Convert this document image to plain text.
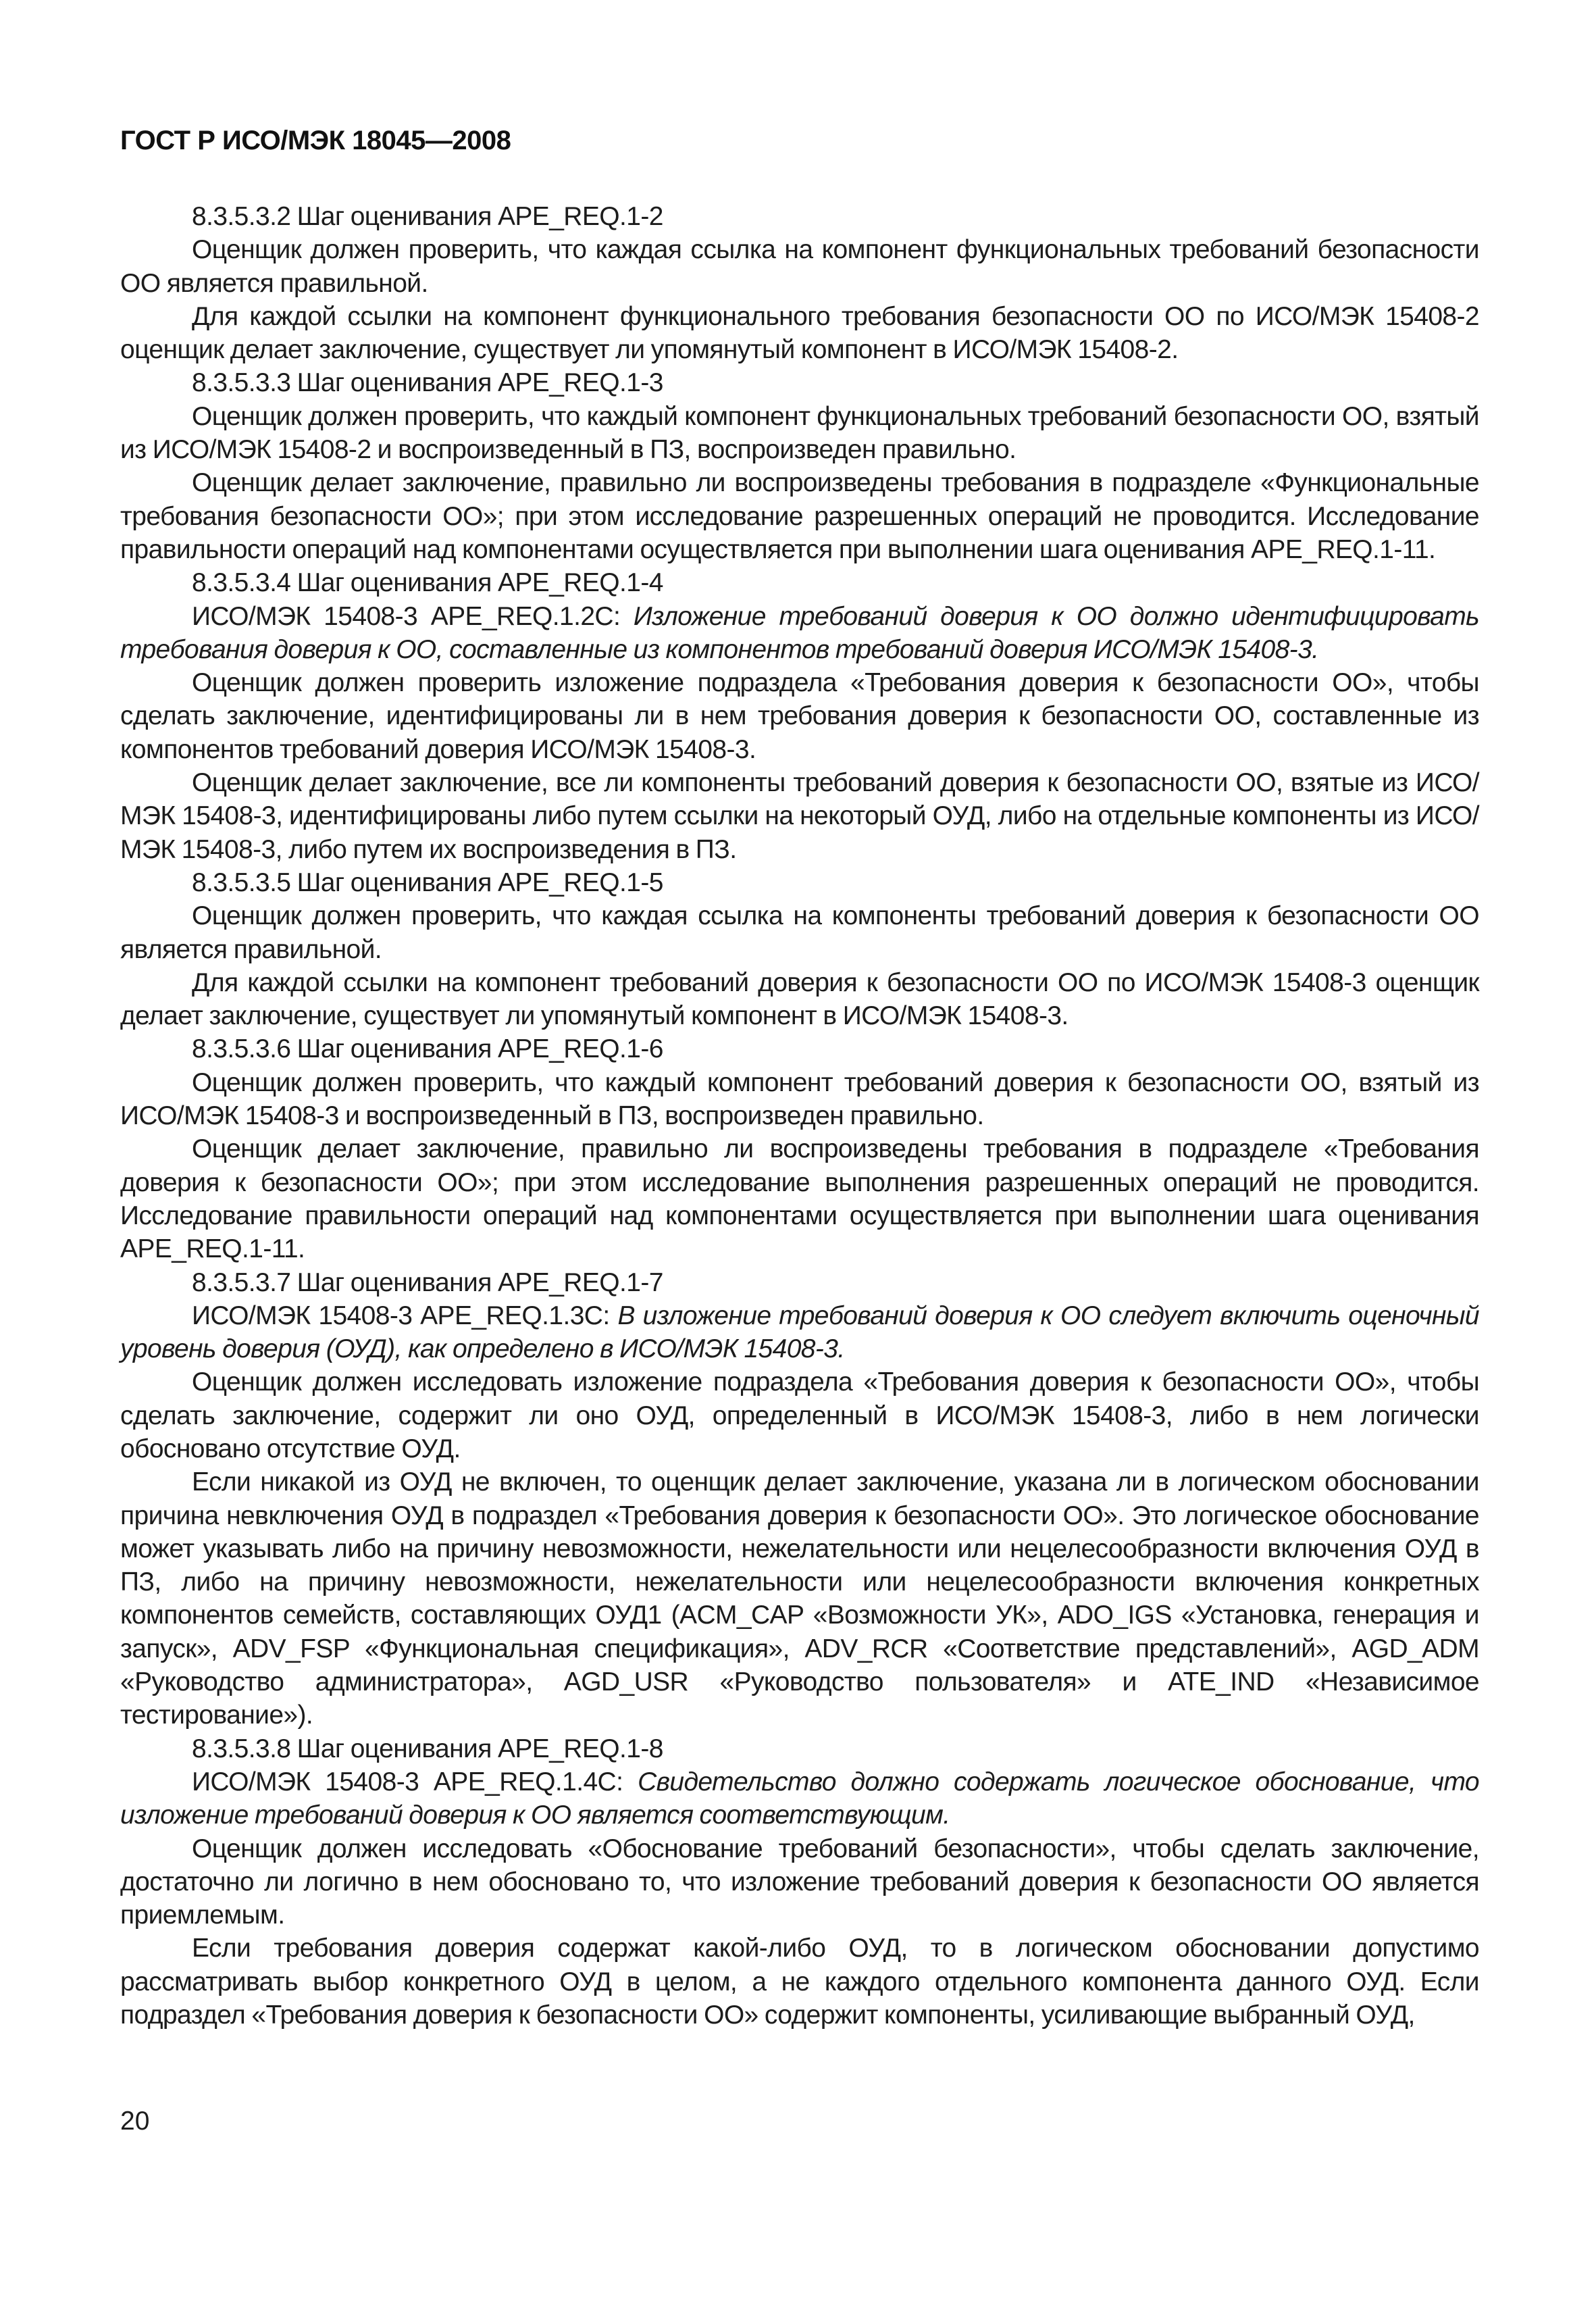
ГОСТ Р ИСО/МЭК 18045—2008

8.3.5.3.2 Шаг оценивания APE_REQ.1-2

Оценщик должен проверить, что каждая ссылка на компонент функциональных требований безопасности ОО является правильной.

Для каждой ссылки на компонент функционального требования безопасности ОО по ИСО/МЭК 15408-2 оценщик делает заключение, существует ли упомянутый компонент в ИСО/МЭК 15408-2.

8.3.5.3.3 Шаг оценивания APE_REQ.1-3

Оценщик должен проверить, что каждый компонент функциональных требований безопасности ОО, взятый из ИСО/МЭК 15408-2 и воспроизведенный в ПЗ, воспроизведен правильно.

Оценщик делает заключение, правильно ли воспроизведены требования в подразделе «Функциональные требования безопасности ОО»; при этом исследование разрешенных операций не проводится. Исследование правильности операций над компонентами осуществляется при выполнении шага оценивания APE_REQ.1-11.

8.3.5.3.4 Шаг оценивания APE_REQ.1-4

ИСО/МЭК 15408-3 APE_REQ.1.2C: Изложение требований доверия к ОО должно идентифицировать требования доверия к ОО, составленные из компонентов требований доверия ИСО/МЭК 15408-3.

Оценщик должен проверить изложение подраздела «Требования доверия к безопасности ОО», чтобы сделать заключение, идентифицированы ли в нем требования доверия к безопасности ОО, составленные из компонентов требований доверия ИСО/МЭК 15408-3.

Оценщик делает заключение, все ли компоненты требований доверия к безопасности ОО, взятые из ИСО/МЭК 15408-3, идентифицированы либо путем ссылки на некоторый ОУД, либо на отдельные компоненты из ИСО/МЭК 15408-3, либо путем их воспроизведения в ПЗ.

8.3.5.3.5 Шаг оценивания APE_REQ.1-5

Оценщик должен проверить, что каждая ссылка на компоненты требований доверия к безопасности ОО является правильной.

Для каждой ссылки на компонент требований доверия к безопасности ОО по ИСО/МЭК 15408-3 оценщик делает заключение, существует ли упомянутый компонент в ИСО/МЭК 15408-3.

8.3.5.3.6 Шаг оценивания APE_REQ.1-6

Оценщик должен проверить, что каждый компонент требований доверия к безопасности ОО, взятый из ИСО/МЭК 15408-3 и воспроизведенный в ПЗ, воспроизведен правильно.

Оценщик делает заключение, правильно ли воспроизведены требования в подразделе «Требования доверия к безопасности ОО»; при этом исследование выполнения разрешенных операций не проводится. Исследование правильности операций над компонентами осуществляется при выполнении шага оценивания APE_REQ.1-11.

8.3.5.3.7 Шаг оценивания APE_REQ.1-7

ИСО/МЭК 15408-3 APE_REQ.1.3C: В изложение требований доверия к ОО следует включить оценочный уровень доверия (ОУД), как определено в ИСО/МЭК 15408-3.

Оценщик должен исследовать изложение подраздела «Требования доверия к безопасности ОО», чтобы сделать заключение, содержит ли оно ОУД, определенный в ИСО/МЭК 15408-3, либо в нем логически обосновано отсутствие ОУД.

Если никакой из ОУД не включен, то оценщик делает заключение, указана ли в логическом обосновании причина невключения ОУД в подраздел «Требования доверия к безопасности ОО». Это логическое обоснование может указывать либо на причину невозможности, нежелательности или нецелесообразности включения ОУД в ПЗ, либо на причину невозможности, нежелательности или нецелесообразности включения конкретных компонентов семейств, составляющих ОУД1 (ACM_CAP «Возможности УК», ADO_IGS «Установка, генерация и запуск», ADV_FSP «Функциональная спецификация», ADV_RCR «Соответствие представлений», AGD_ADM «Руководство администратора», AGD_USR «Руководство пользователя» и ATE_IND «Независимое тестирование»).

8.3.5.3.8 Шаг оценивания APE_REQ.1-8

ИСО/МЭК 15408-3 APE_REQ.1.4C: Свидетельство должно содержать логическое обоснование, что изложение требований доверия к ОО является соответствующим.

Оценщик должен исследовать «Обоснование требований безопасности», чтобы сделать заключение, достаточно ли логично в нем обосновано то, что изложение требований доверия к безопасности ОО является приемлемым.

Если требования доверия содержат какой-либо ОУД, то в логическом обосновании допустимо рассматривать выбор конкретного ОУД в целом, а не каждого отдельного компонента данного ОУД. Если подраздел «Требования доверия к безопасности ОО» содержит компоненты, усиливающие выбранный ОУД,

20
